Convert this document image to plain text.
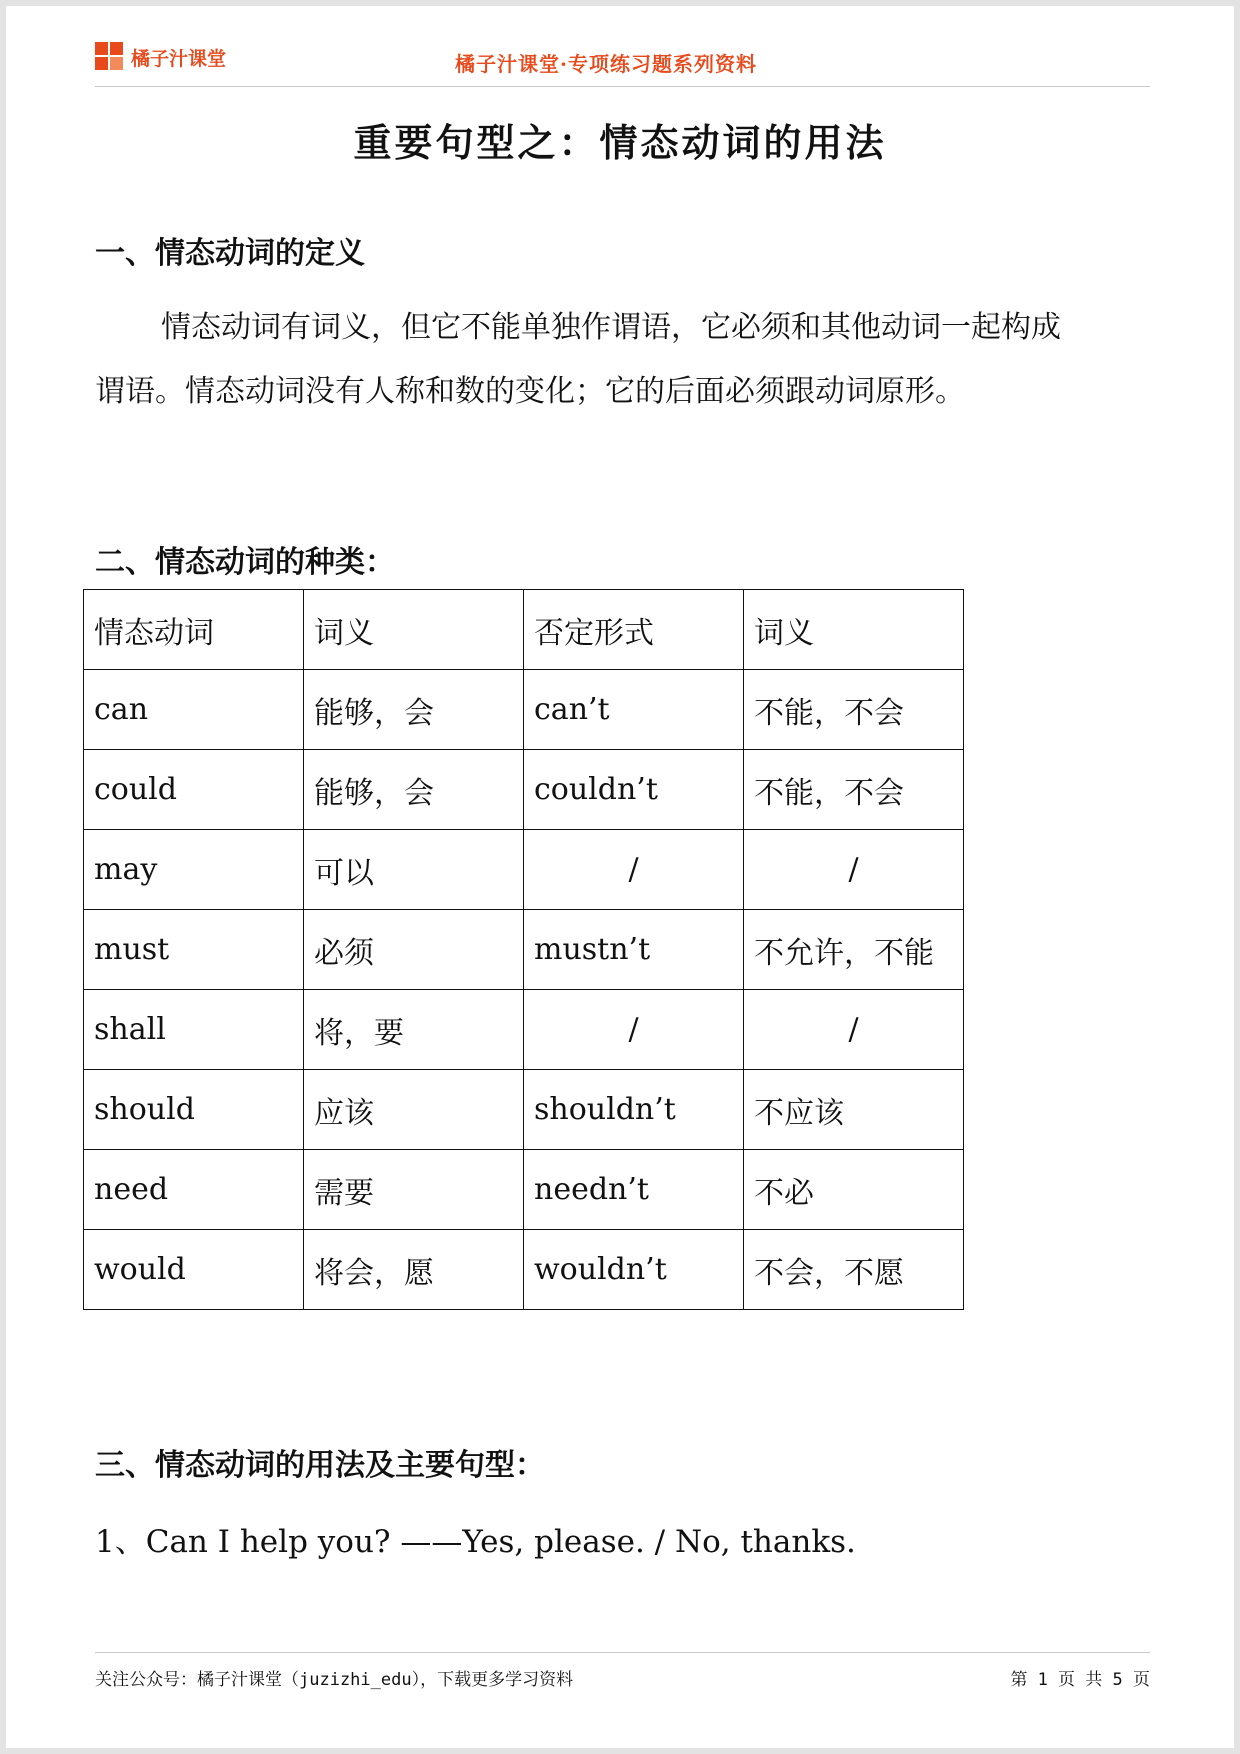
橘子汁课堂	橘子汁课堂·专项练习题系列资料
重要句型之：情态动词的用法
一、情态动词的定义
情态动词有词义，但它不能单独作谓语，它必须和其他动词一起构成
谓语。情态动词没有人称和数的变化；它的后面必须跟动词原形。
二、情态动词的种类：
情态动词	词义	否定形式	词义
can	能够，会	can’t	不能，不会
could	能够，会	couldn’t	不能，不会
may	可以	/	/
must	必须	mustn’t	不允许，不能
shall	将，要	/	/
should	应该	shouldn’t	不应该
need	需要	needn’t	不必
would	将会，愿	wouldn’t	不会，不愿
三、情态动词的用法及主要句型：
1、Can I help you? ——Yes, please. / No, thanks.
关注公众号：橘子汁课堂（juzizhi_edu），下载更多学习资料	第 1 页 共 5 页
